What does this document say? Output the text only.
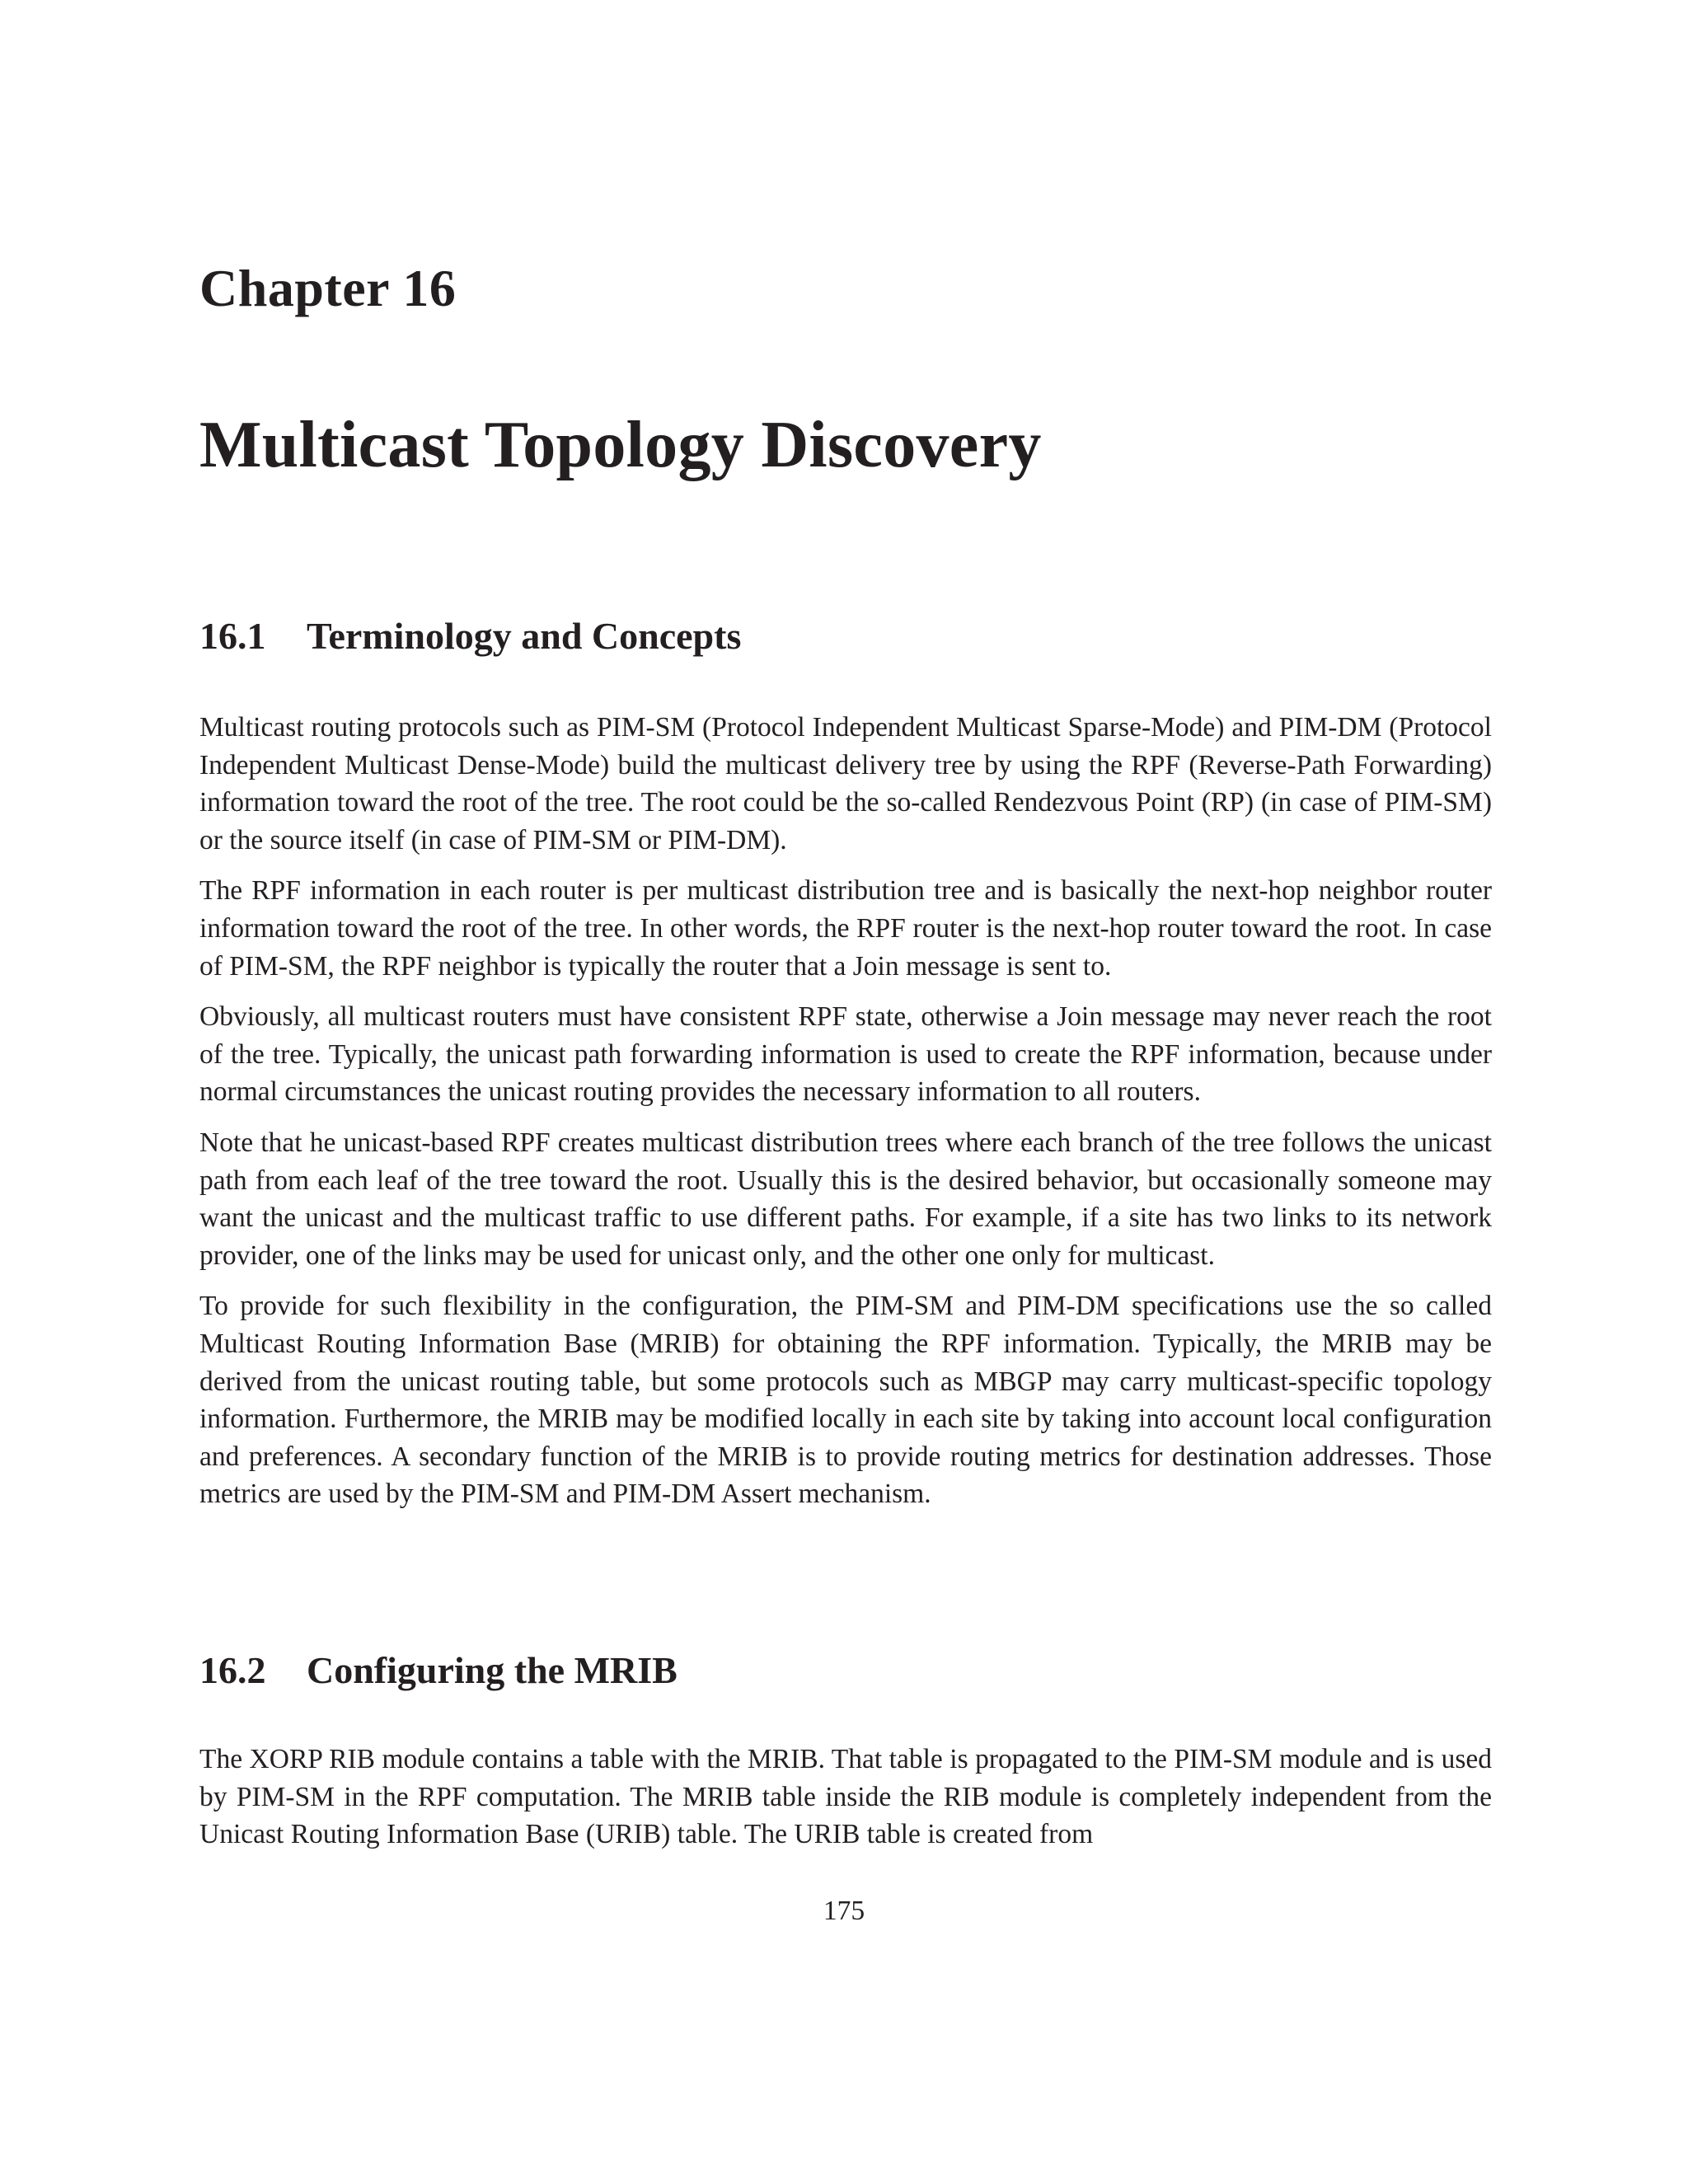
Chapter 16
Multicast Topology Discovery
16.1 Terminology and Concepts

Multicast routing protocols such as PIM-SM (Protocol Independent Multicast Sparse-Mode) and PIM-DM (Protocol Independent Multicast Dense-Mode) build the multicast delivery tree by using the RPF (Reverse-Path Forwarding) information toward the root of the tree. The root could be the so-called Rendezvous Point (RP) (in case of PIM-SM) or the source itself (in case of PIM-SM or PIM-DM).

The RPF information in each router is per multicast distribution tree and is basically the next-hop neighbor router information toward the root of the tree. In other words, the RPF router is the next-hop router toward the root. In case of PIM-SM, the RPF neighbor is typically the router that a Join message is sent to.

Obviously, all multicast routers must have consistent RPF state, otherwise a Join message may never reach the root of the tree. Typically, the unicast path forwarding information is used to create the RPF information, because under normal circumstances the unicast routing provides the necessary information to all routers.

Note that he unicast-based RPF creates multicast distribution trees where each branch of the tree follows the unicast path from each leaf of the tree toward the root. Usually this is the desired behavior, but occasionally someone may want the unicast and the multicast traffic to use different paths. For example, if a site has two links to its network provider, one of the links may be used for unicast only, and the other one only for multicast.

To provide for such flexibility in the configuration, the PIM-SM and PIM-DM specifications use the so called Multicast Routing Information Base (MRIB) for obtaining the RPF information. Typically, the MRIB may be derived from the unicast routing table, but some protocols such as MBGP may carry multicast-specific topology information. Furthermore, the MRIB may be modified locally in each site by taking into account local configuration and preferences. A secondary function of the MRIB is to provide routing metrics for destination addresses. Those metrics are used by the PIM-SM and PIM-DM Assert mechanism.

16.2 Configuring the MRIB

The XORP RIB module contains a table with the MRIB. That table is propagated to the PIM-SM module and is used by PIM-SM in the RPF computation. The MRIB table inside the RIB module is completely independent from the Unicast Routing Information Base (URIB) table. The URIB table is created from

175
